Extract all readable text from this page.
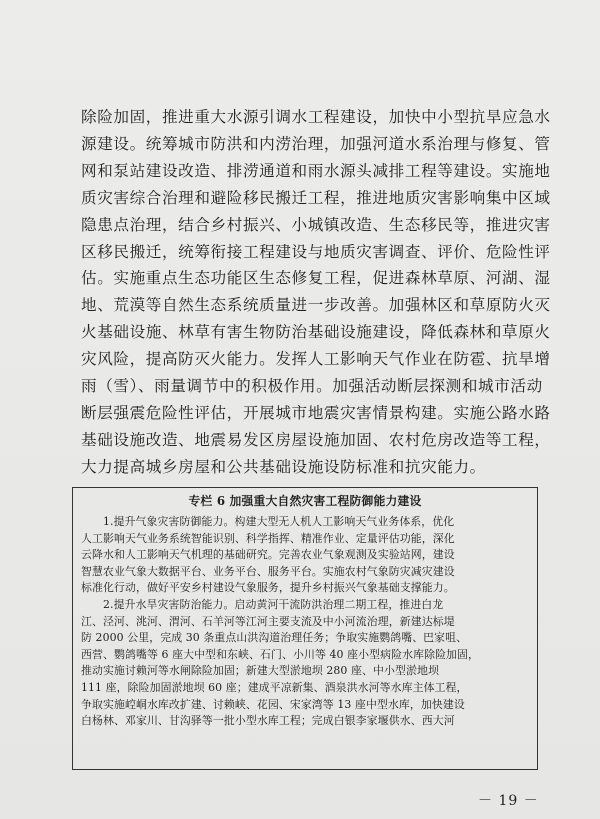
除险加固，推进重大水源引调水工程建设，加快中小型抗旱应急水
源建设。统筹城市防洪和内涝治理，加强河道水系治理与修复、管
网和泵站建设改造、排涝通道和雨水源头减排工程等建设。实施地
质灾害综合治理和避险移民搬迁工程，推进地质灾害影响集中区域
隐患点治理，结合乡村振兴、小城镇改造、生态移民等，推进灾害
区移民搬迁，统筹衔接工程建设与地质灾害调查、评价、危险性评
估。实施重点生态功能区生态修复工程，促进森林草原、河湖、湿
地、荒漠等自然生态系统质量进一步改善。加强林区和草原防火灭
火基础设施、林草有害生物防治基础设施建设，降低森林和草原火
灾风险，提高防灭火能力。发挥人工影响天气作业在防雹、抗旱增
雨（雪）、雨量调节中的积极作用。加强活动断层探测和城市活动
断层强震危险性评估，开展城市地震灾害情景构建。实施公路水路
基础设施改造、地震易发区房屋设施加固、农村危房改造等工程，
大力提高城乡房屋和公共基础设施设防标准和抗灾能力。

专栏 6 加强重大自然灾害工程防御能力建设
　　1.提升气象灾害防御能力。构建大型无人机人工影响天气业务体系，优化
人工影响天气业务系统智能识别、科学指挥、精准作业、定量评估功能，深化
云降水和人工影响天气机理的基础研究。完善农业气象观测及实验站网，建设
智慧农业气象大数据平台、业务平台、服务平台。实施农村气象防灾减灾建设
标准化行动，做好平安乡村建设气象服务，提升乡村振兴气象基础支撑能力。
　　2.提升水旱灾害防治能力。启动黄河干流防洪治理二期工程，推进白龙
江、泾河、洮河、渭河、石羊河等江河主要支流及中小河流治理，新建达标堤
防 2000 公里，完成 30 条重点山洪沟道治理任务；争取实施鹦鸽嘴、巴家咀、
西营、鹦鸽嘴等 6 座大中型和东峡、石门、小川等 40 座小型病险水库除险加固，
推动实施讨赖河等水闸除险加固；新建大型淤地坝 280 座、中小型淤地坝
111 座，除险加固淤地坝 60 座；建成平凉新集、酒泉洪水河等水库主体工程，
争取实施崆峒水库改扩建、讨赖峡、花园、宋家湾等 13 座中型水库，加快建设
白杨林、邓家川、甘沟驿等一批小型水库工程；完成白银李家堰供水、西大河
－ 19 －
